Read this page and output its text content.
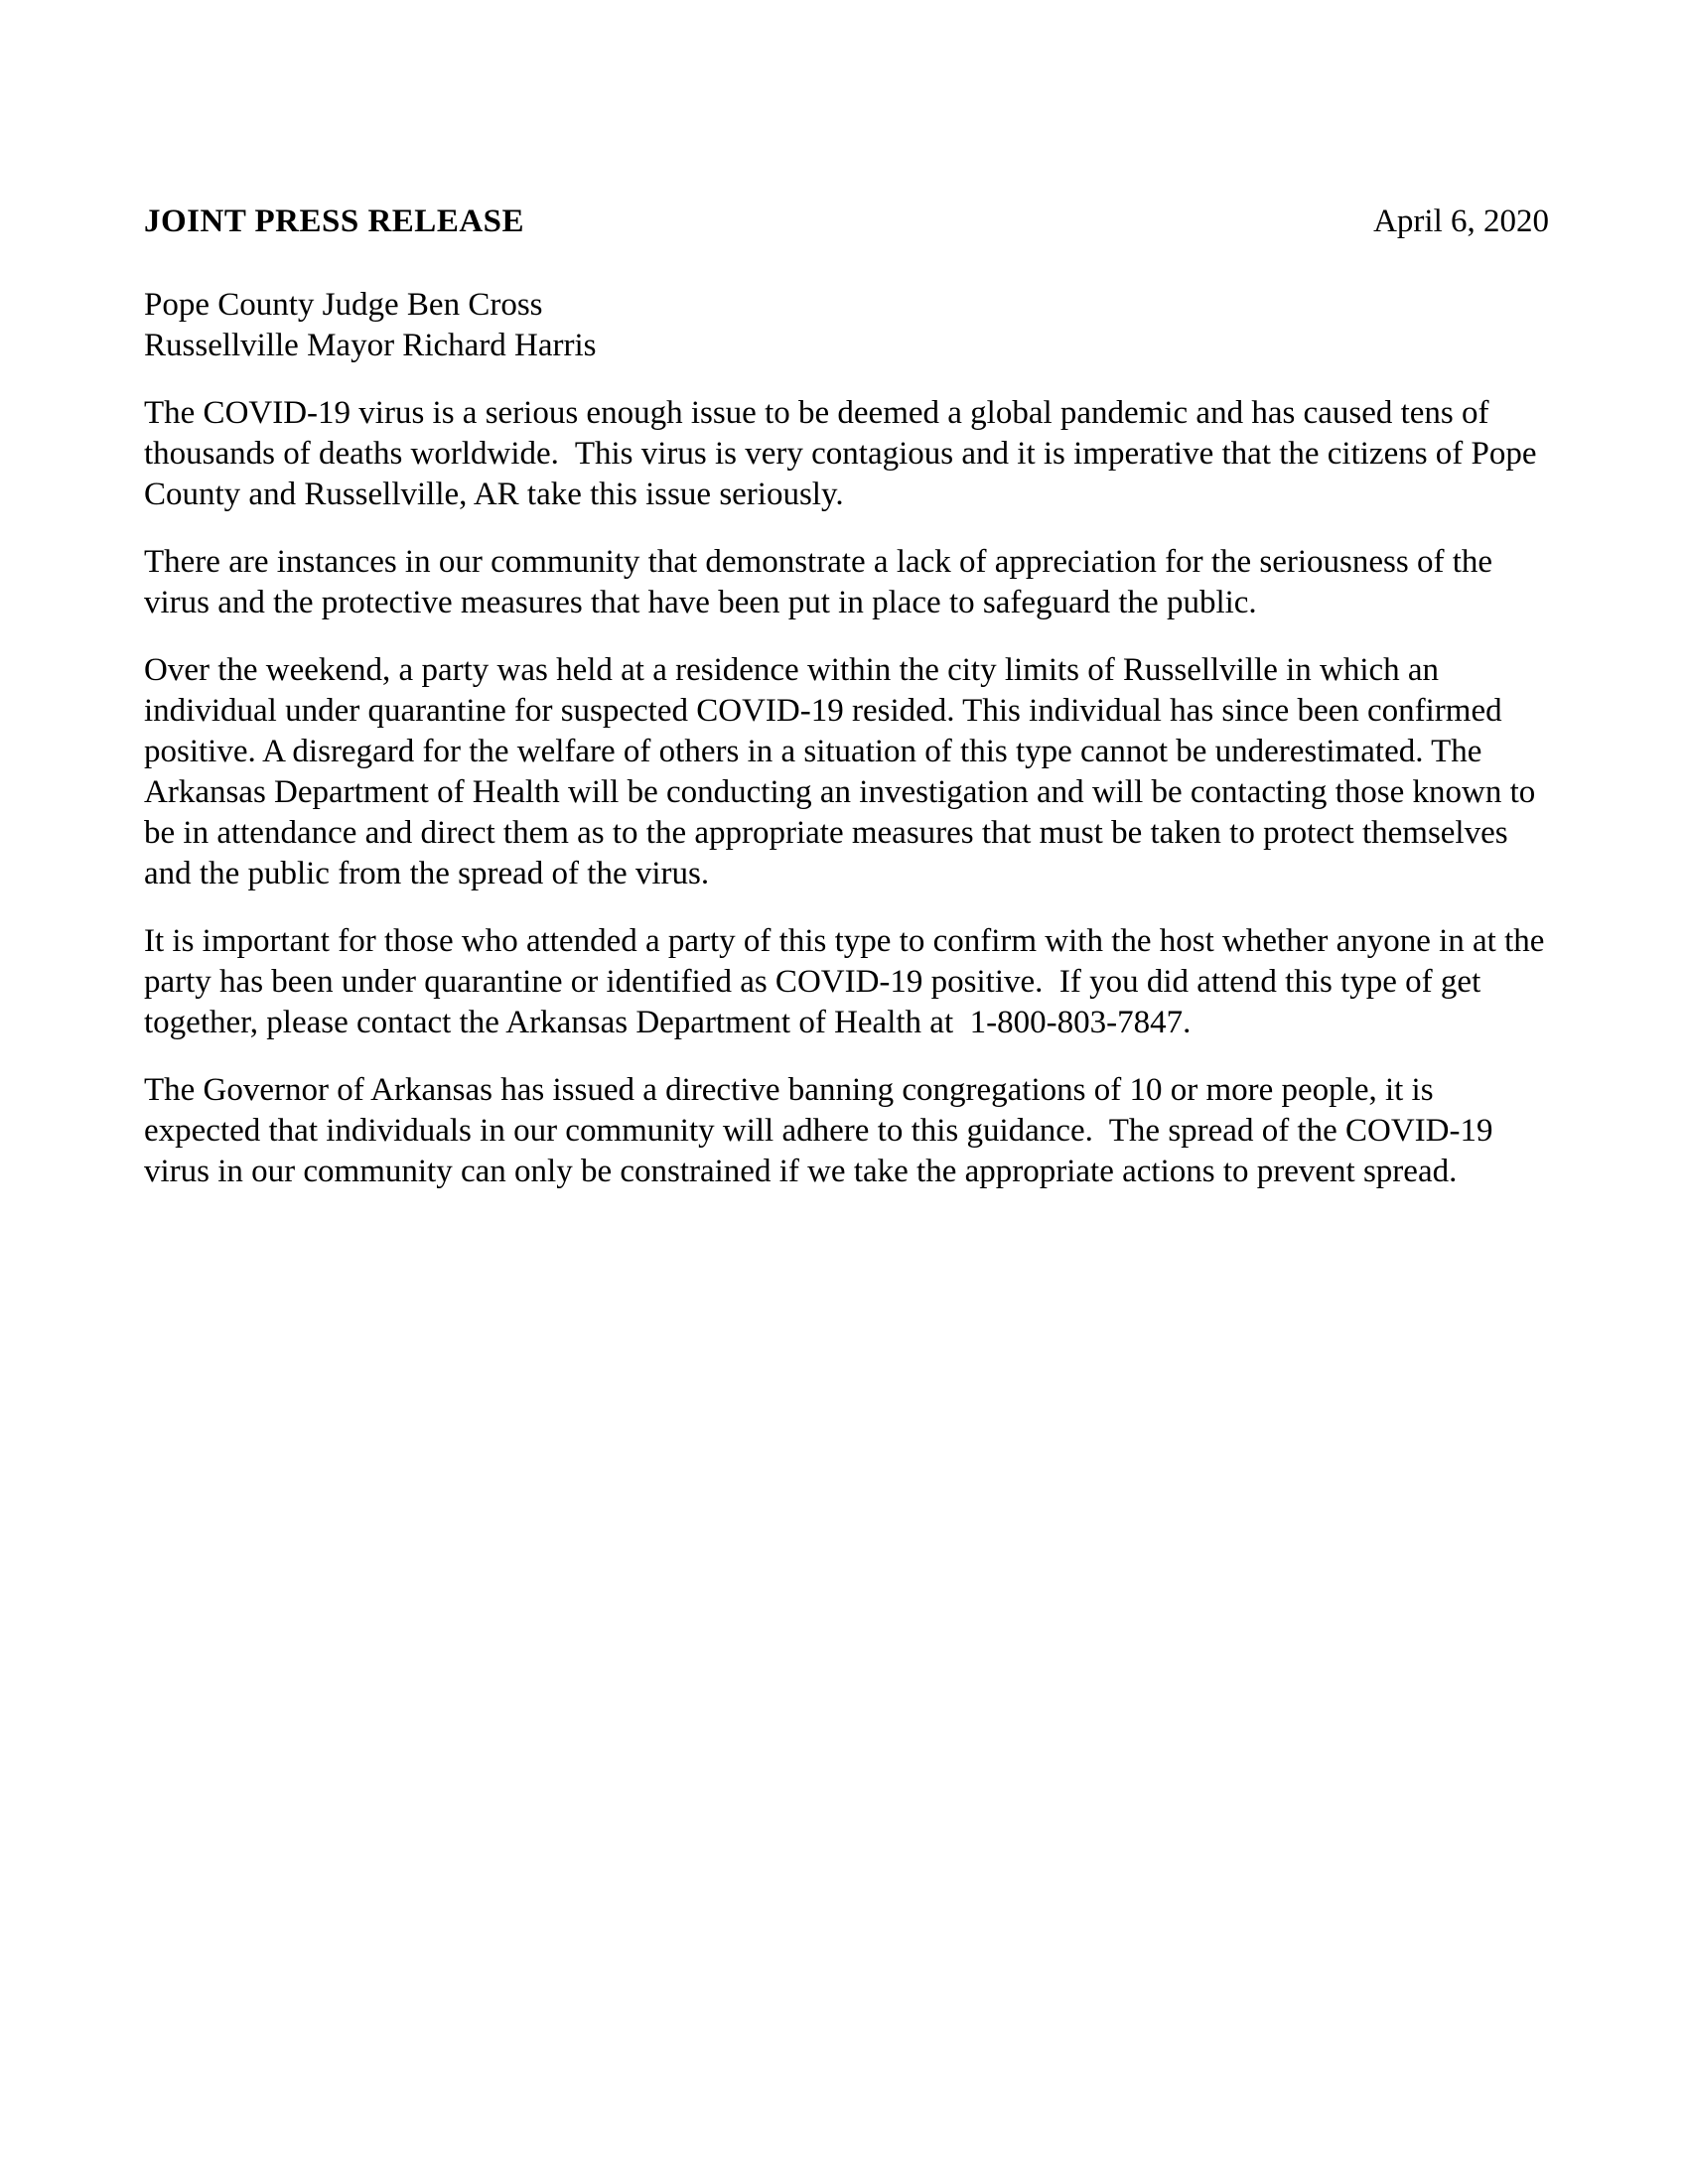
JOINT PRESS RELEASE	April 6, 2020
Pope County Judge Ben Cross
Russellville Mayor Richard Harris

The COVID-19 virus is a serious enough issue to be deemed a global pandemic and has caused tens of thousands of deaths worldwide.  This virus is very contagious and it is imperative that the citizens of Pope County and Russellville, AR take this issue seriously.

There are instances in our community that demonstrate a lack of appreciation for the seriousness of the virus and the protective measures that have been put in place to safeguard the public.

Over the weekend, a party was held at a residence within the city limits of Russellville in which an individual under quarantine for suspected COVID-19 resided. This individual has since been confirmed positive. A disregard for the welfare of others in a situation of this type cannot be underestimated. The Arkansas Department of Health will be conducting an investigation and will be contacting those known to be in attendance and direct them as to the appropriate measures that must be taken to protect themselves and the public from the spread of the virus.

It is important for those who attended a party of this type to confirm with the host whether anyone in at the party has been under quarantine or identified as COVID-19 positive.  If you did attend this type of get together, please contact the Arkansas Department of Health at  1-800-803-7847.

The Governor of Arkansas has issued a directive banning congregations of 10 or more people, it is expected that individuals in our community will adhere to this guidance.  The spread of the COVID-19 virus in our community can only be constrained if we take the appropriate actions to prevent spread.
